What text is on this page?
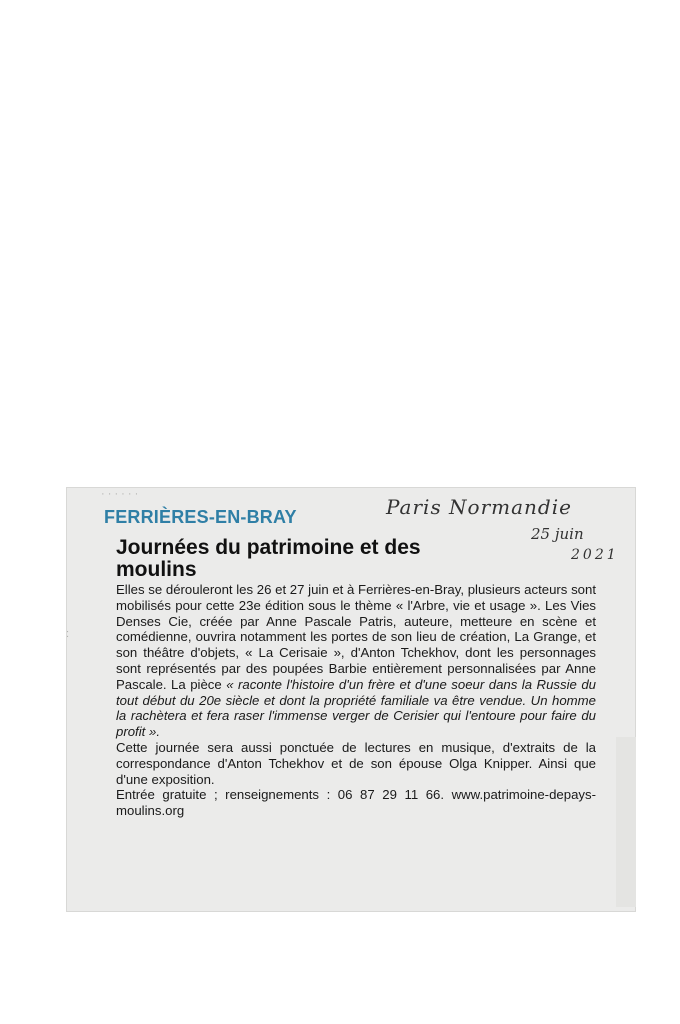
· · · · · ·
:
Paris Normandie
25 juin
2021
FERRIÈRES-EN-BRAY
Journées du patrimoine et des moulins

Elles se dérouleront les 26 et 27 juin et à Ferrières-en-Bray, plusieurs acteurs sont mobilisés pour cette 23e édition sous le thème « l'Arbre, vie et usage ». Les Vies Denses Cie, créée par Anne Pascale Patris, auteure, metteure en scène et comédienne, ouvrira notamment les portes de son lieu de création, La Grange, et son théâtre d'objets, « La Cerisaie », d'Anton Tchekhov, dont les personnages sont représentés par des poupées Barbie entièrement personnalisées par Anne Pascale. La pièce « raconte l'histoire d'un frère et d'une soeur dans la Russie du tout début du 20e siècle et dont la propriété familiale va être vendue. Un homme la rachètera et fera raser l'immense verger de Cerisier qui l'entoure pour faire du profit ».

Cette journée sera aussi ponctuée de lectures en musique, d'extraits de la correspondance d'Anton Tchekhov et de son épouse Olga Knipper. Ainsi que d'une exposition.

Entrée gratuite ; renseignements : 06 87 29 11 66. www.patrimoine-depays-moulins.org
